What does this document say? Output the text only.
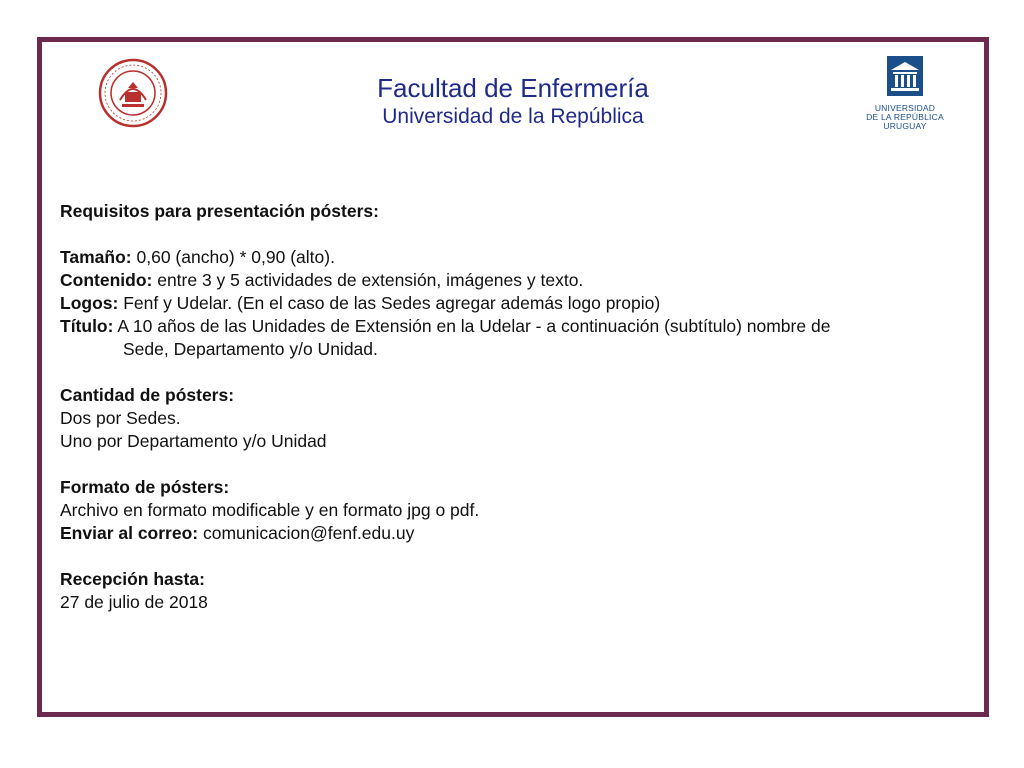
Facultad de Enfermería
Universidad de la República	UNIVERSIDAD
DE LA REPÚBLICA
URUGUAY

Requisitos para presentación pósters:

Tamaño: 0,60 (ancho) * 0,90 (alto).

Contenido: entre 3 y 5 actividades de extensión, imágenes y texto.

Logos: Fenf y Udelar. (En el caso de las Sedes agregar además logo propio)

Título: A 10 años de las Unidades de Extensión en la Udelar - a continuación (subtítulo) nombre de

Sede, Departamento y/o Unidad.

Cantidad de pósters:

Dos por Sedes.

Uno por Departamento y/o Unidad

Formato de pósters:

Archivo en formato modificable y en formato jpg o pdf.

Enviar al correo: comunicacion@fenf.edu.uy

Recepción hasta:

27 de julio de 2018
